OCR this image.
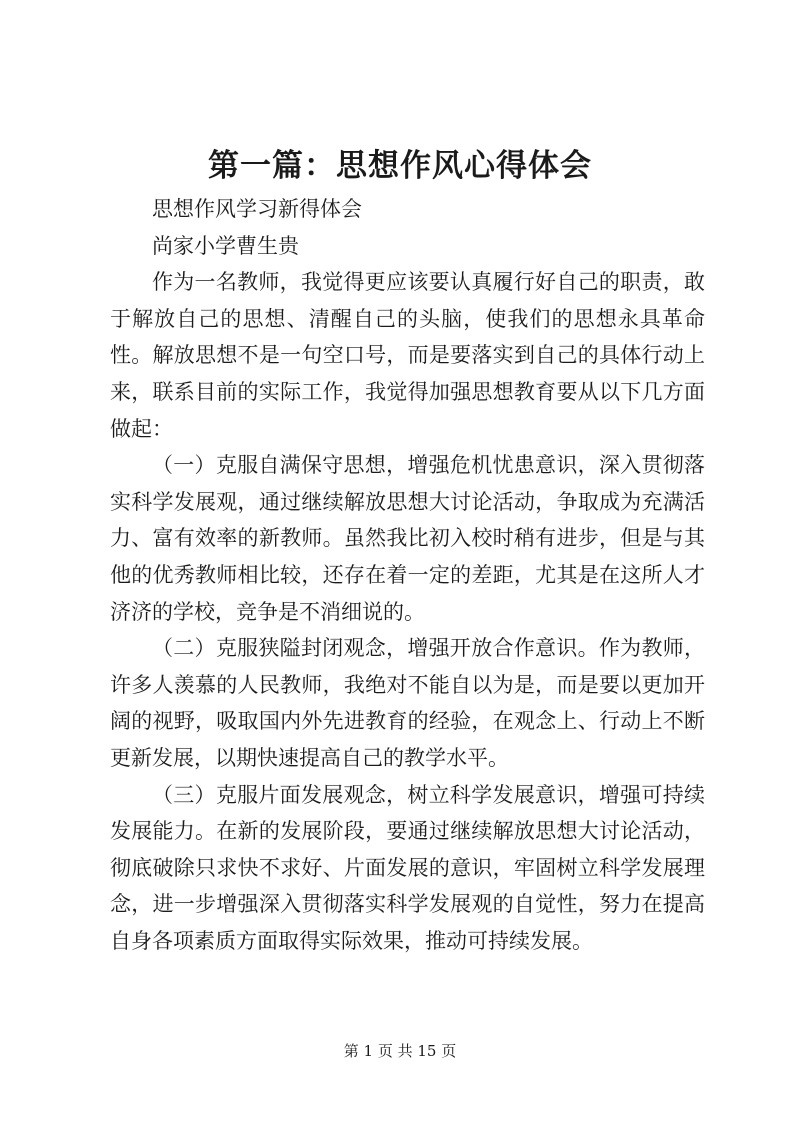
第一篇：思想作风心得体会

思想作风学习新得体会

尚家小学曹生贵

作为一名教师，我觉得更应该要认真履行好自己的职责，敢于解放自己的思想、清醒自己的头脑，使我们的思想永具革命性。解放思想不是一句空口号，而是要落实到自己的具体行动上来，联系目前的实际工作，我觉得加强思想教育要从以下几方面做起：

（一）克服自满保守思想，增强危机忧患意识，深入贯彻落实科学发展观，通过继续解放思想大讨论活动，争取成为充满活力、富有效率的新教师。虽然我比初入校时稍有进步，但是与其他的优秀教师相比较，还存在着一定的差距，尤其是在这所人才济济的学校，竞争是不消细说的。

（二）克服狭隘封闭观念，增强开放合作意识。作为教师，许多人羡慕的人民教师，我绝对不能自以为是，而是要以更加开阔的视野，吸取国内外先进教育的经验，在观念上、行动上不断更新发展，以期快速提高自己的教学水平。

（三）克服片面发展观念，树立科学发展意识，增强可持续发展能力。在新的发展阶段，要通过继续解放思想大讨论活动，彻底破除只求快不求好、片面发展的意识，牢固树立科学发展理念，进一步增强深入贯彻落实科学发展观的自觉性，努力在提高自身各项素质方面取得实际效果，推动可持续发展。

第 1 页 共 15 页
